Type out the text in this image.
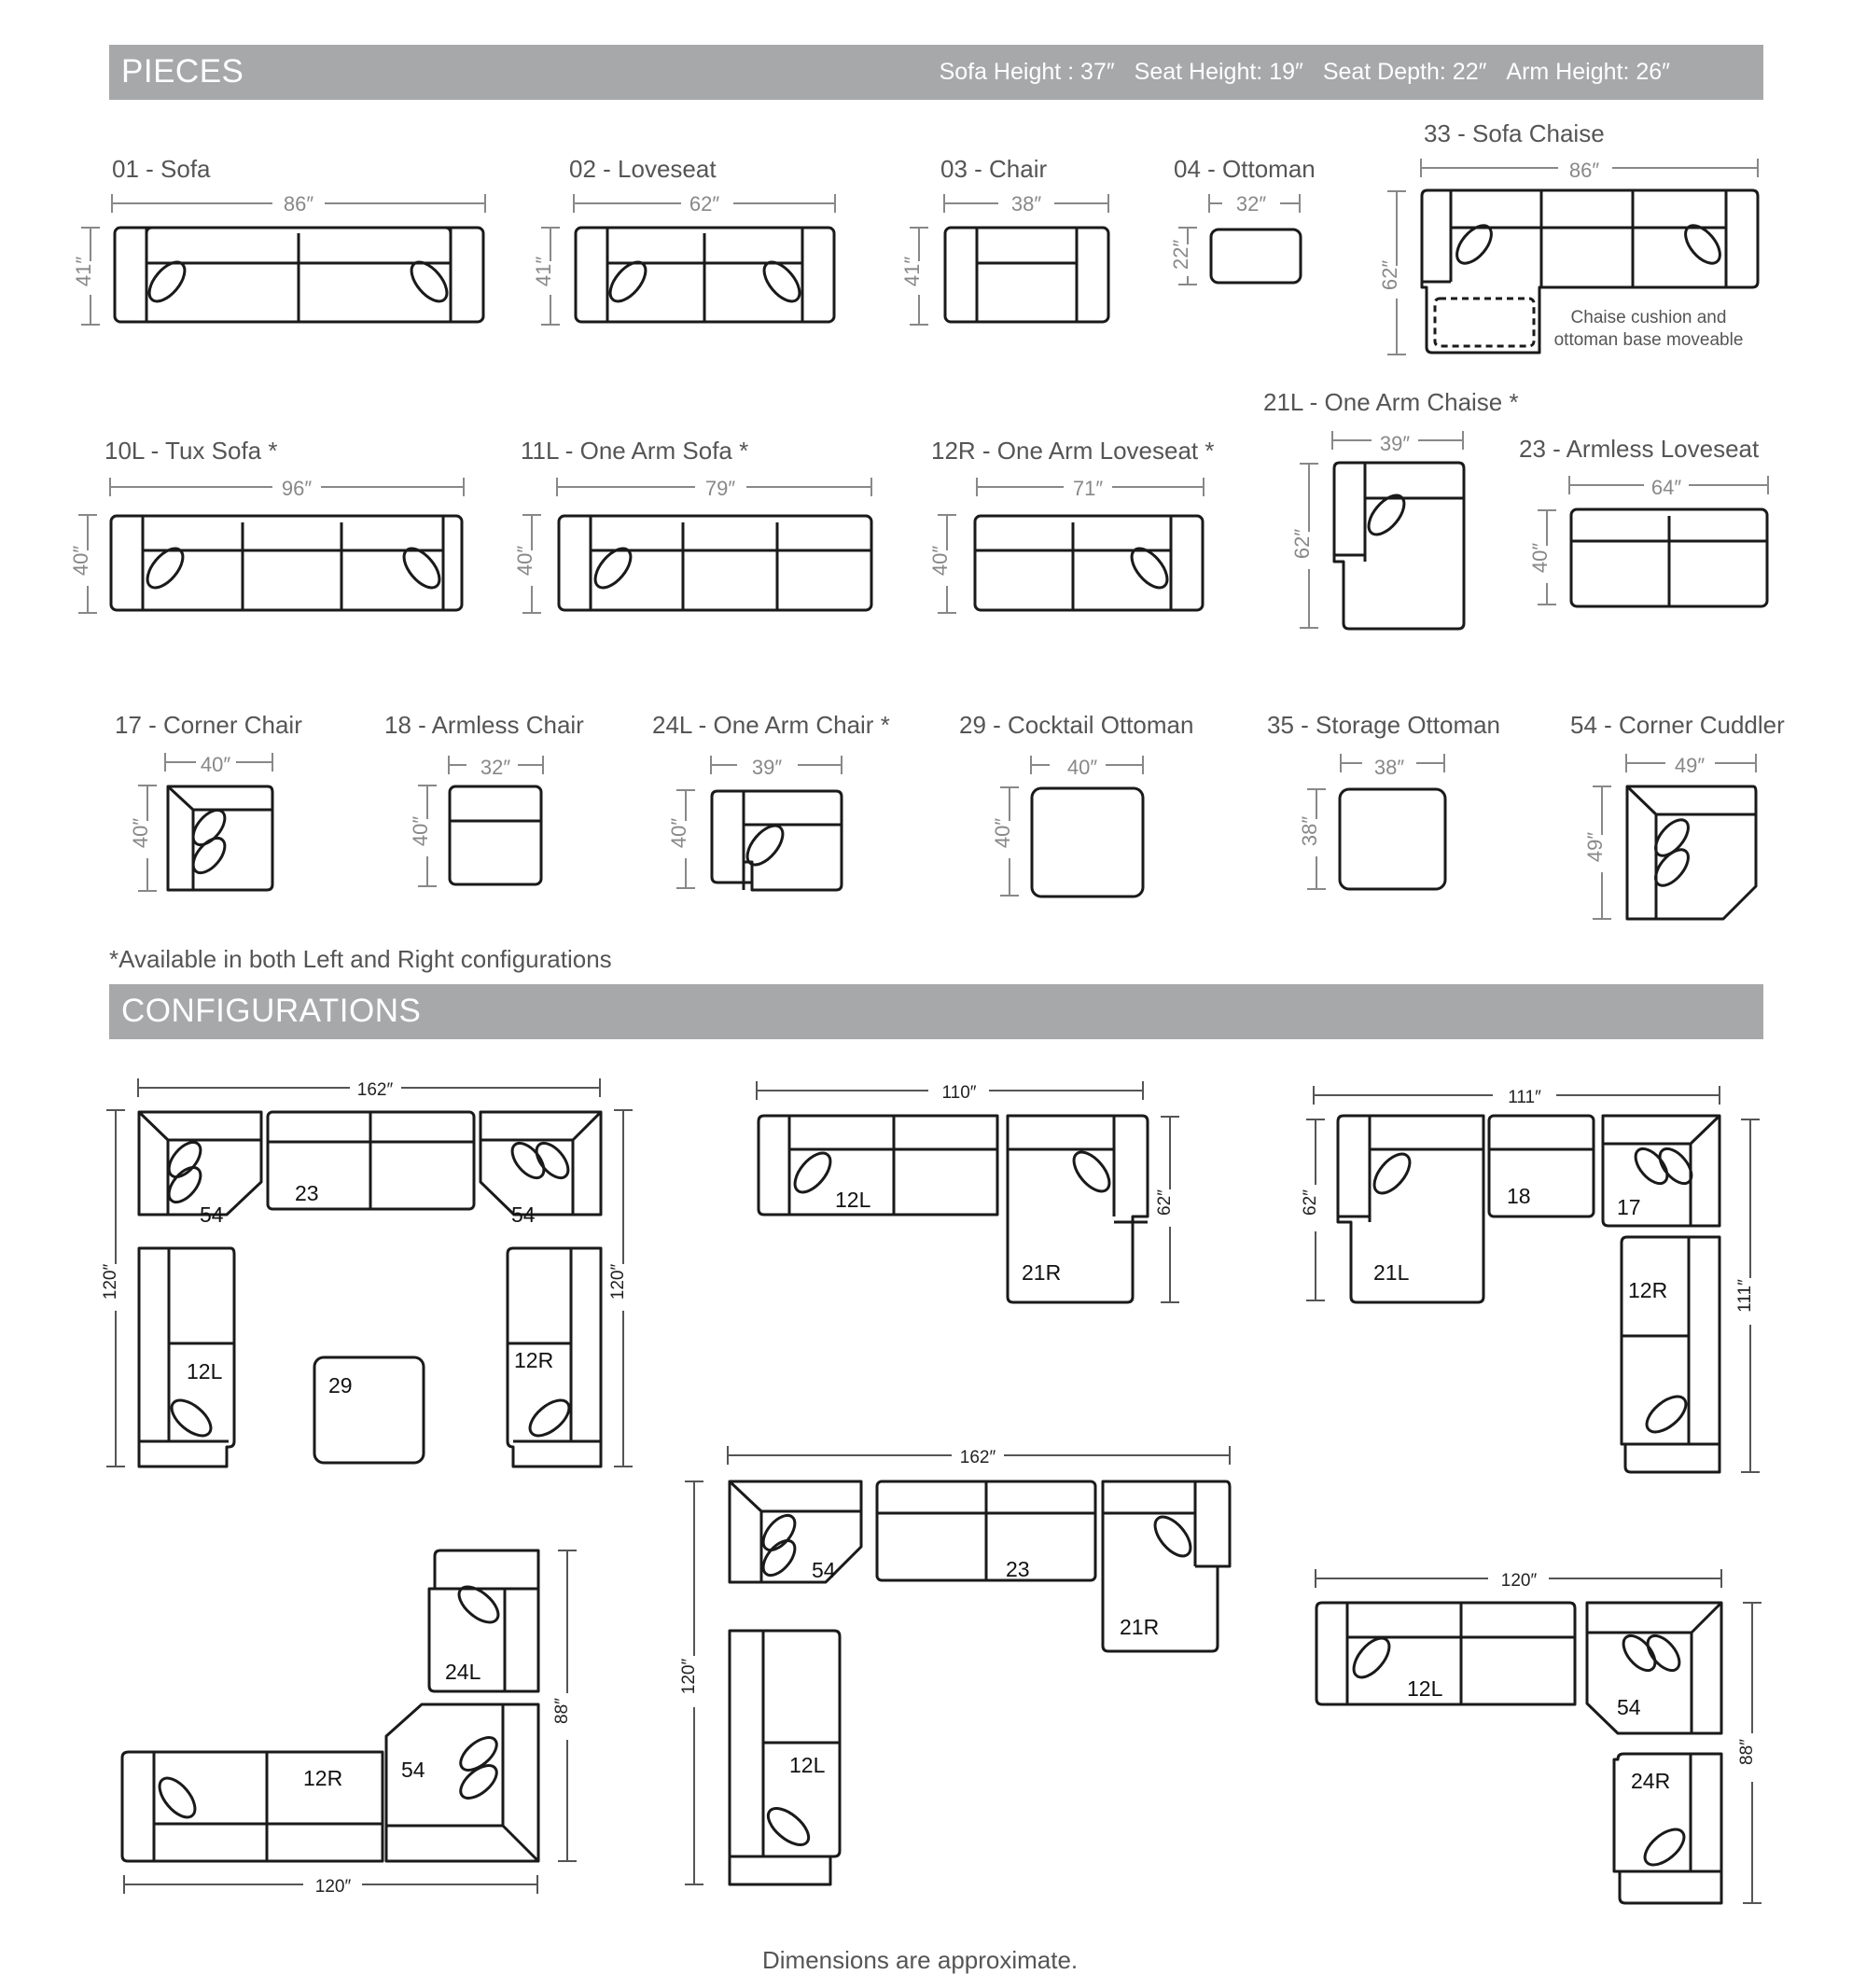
PIECES	Sofa Height : 37″ Seat Height: 19″ Seat Depth: 22″ Arm Height: 26″
CONFIGURATIONS
01 - Sofa
86″
41″
02 - Loveseat
62″
41″
03 - Chair
38″
41″
04 - Ottoman
32″
22″
33 - Sofa Chaise
86″
62″
Chaise cushion and
ottoman base moveable
10L - Tux Sofa *
96″
40″
11L - One Arm Sofa *
79″
40″
12R - One Arm Loveseat *
71″
40″
21L - One Arm Chaise *
39″
62″
23 - Armless Loveseat
64″
40″
17 - Corner Chair
40″
40″
18 - Armless Chair
32″
40″
24L - One Arm Chair *
39″
40″
29 - Cocktail Ottoman
40″
40″
35 - Storage Ottoman
38″
38″
54 - Corner Cuddler
49″
49″
*Available in both Left and Right configurations
162″
120″	120″
54
23
54
12L	12R
29
110″
62″
12L
21R
111″
62″
111″
21L
18	17
12R
120″
88″
24L
12R	54
162″
120″
54	23
21R
12L
120″
88″
12L
54
24R
Dimensions are approximate.
